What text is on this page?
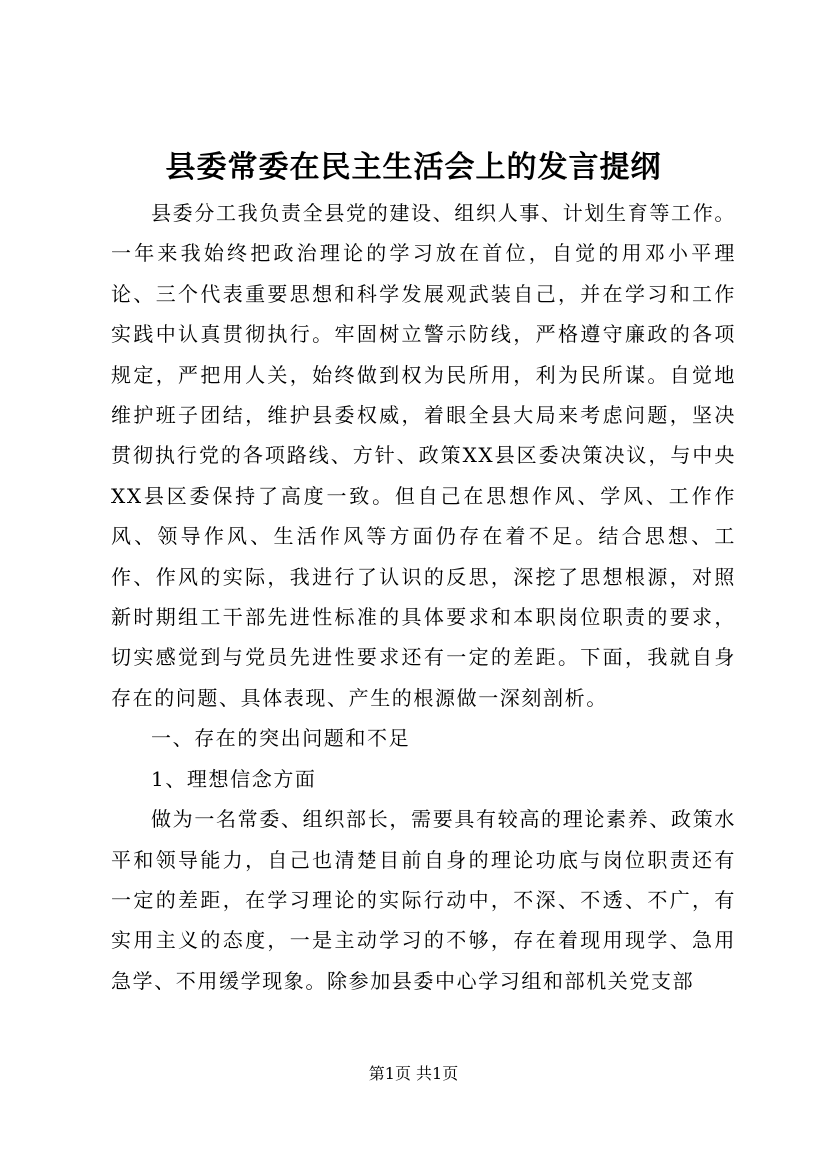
县委常委在民主生活会上的发言提纲

县委分工我负责全县党的建设、组织人事、计划生育等工作。一年来我始终把政治理论的学习放在首位，自觉的用邓小平理论、三个代表重要思想和科学发展观武装自己，并在学习和工作实践中认真贯彻执行。牢固树立警示防线，严格遵守廉政的各项规定，严把用人关，始终做到权为民所用，利为民所谋。自觉地维护班子团结，维护县委权威，着眼全县大局来考虑问题，坚决贯彻执行党的各项路线、方针、政策XX县区委决策决议，与中央XX县区委保持了高度一致。但自己在思想作风、学风、工作作风、领导作风、生活作风等方面仍存在着不足。结合思想、工作、作风的实际，我进行了认识的反思，深挖了思想根源，对照新时期组工干部先进性标准的具体要求和本职岗位职责的要求，切实感觉到与党员先进性要求还有一定的差距。下面，我就自身存在的问题、具体表现、产生的根源做一深刻剖析。

一、存在的突出问题和不足

1、理想信念方面

做为一名常委、组织部长，需要具有较高的理论素养、政策水平和领导能力，自己也清楚目前自身的理论功底与岗位职责还有一定的差距，在学习理论的实际行动中，不深、不透、不广，有实用主义的态度，一是主动学习的不够，存在着现用现学、急用急学、不用缓学现象。除参加县委中心学习组和部机关党支部

第1页 共1页
